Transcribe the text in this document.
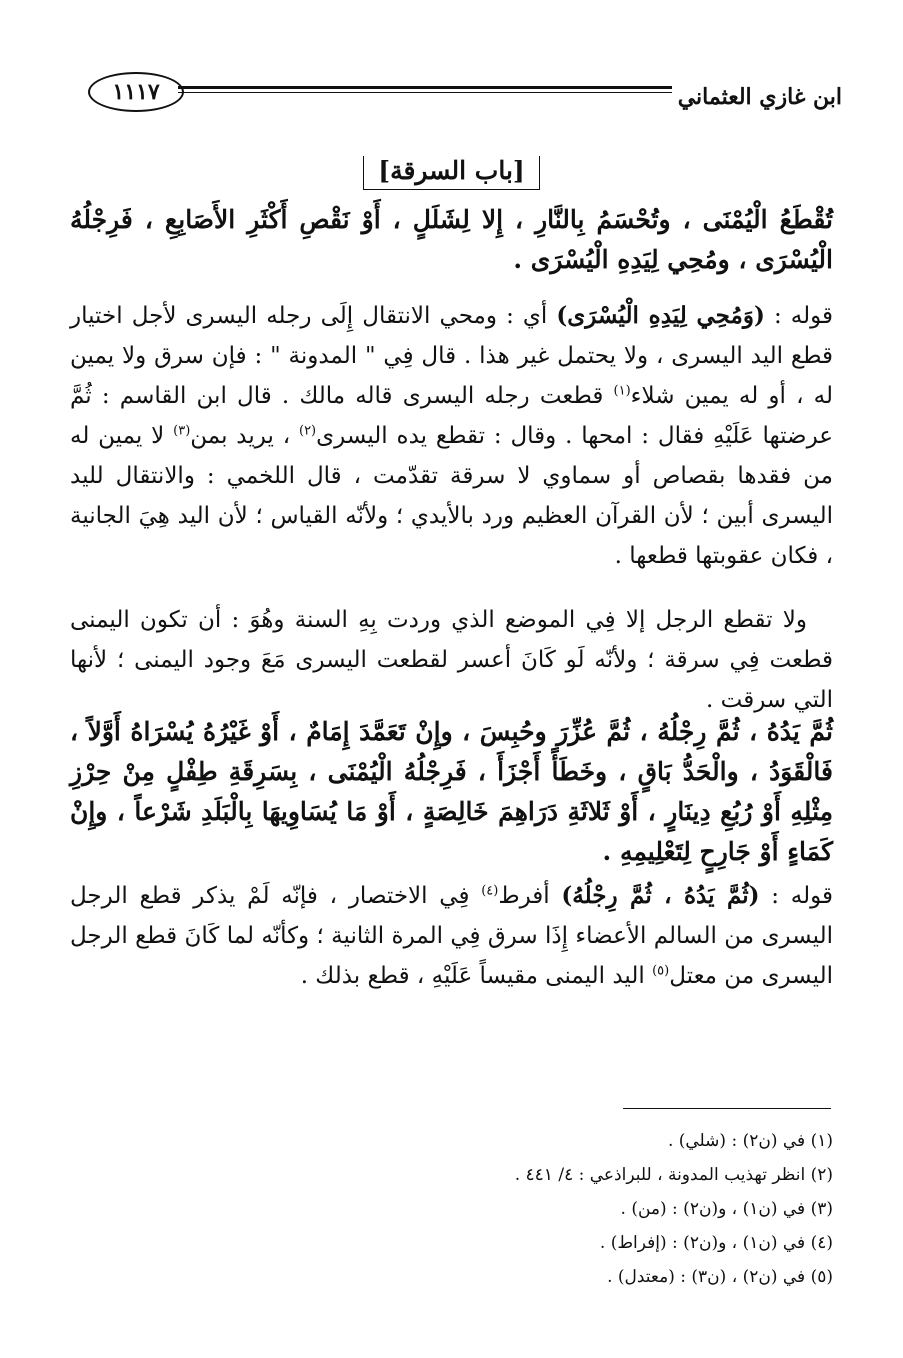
١١١٧	ابن غازي العثماني
[باب السرقة]
تُقْطَعُ الْيُمْنَى ، وتُحْسَمُ بِالنَّارِ ، إِلا لِشَلَلٍ ، أَوْ نَقْصِ أَكْثَرِ الأَصَابِعِ ، فَرِجْلُهُ الْيُسْرَى ، ومُحِي لِيَدِهِ الْيُسْرَى .
قوله : (وَمُحِي لِيَدِهِ الْيُسْرَى) أي : ومحي الانتقال إِلَى رجله اليسرى لأجل اختيار قطع اليد اليسرى ، ولا يحتمل غير هذا . قال فِي " المدونة " : فإن سرق ولا يمين له ، أو له يمين شلاء$^{(١)}$ قطعت رجله اليسرى قاله مالك . قال ابن القاسم : ثُمَّ عرضتها عَلَيْهِ فقال : امحها . وقال : تقطع يده اليسرى$^{(٢)}$ ، يريد بمن$^{(٣)}$ لا يمين له من فقدها بقصاص أو سماوي لا سرقة تقدّمت ، قال اللخمي : والانتقال لليد اليسرى أبين ؛ لأن القرآن العظيم ورد بالأيدي ؛ ولأنّه القياس ؛ لأن اليد هِيَ الجانية ، فكان عقوبتها قطعها .
ولا تقطع الرجل إلا فِي الموضع الذي وردت بِهِ السنة وهُوَ : أن تكون اليمنى قطعت فِي سرقة ؛ ولأنّه لَو كَانَ أعسر لقطعت اليسرى مَعَ وجود اليمنى ؛ لأنها التي سرقت .
ثُمَّ يَدُهُ ، ثُمَّ رِجْلُهُ ، ثُمَّ عُزِّرَ وحُبِسَ ، وإِنْ تَعَمَّدَ إِمَامٌ ، أَوْ غَيْرُهُ يُسْرَاهُ أَوَّلاً ، فَالْقَوَدُ ، والْحَدُّ بَاقٍ ، وخَطَأً أَجْزَأَ ، فَرِجْلُهُ الْيُمْنَى ، بِسَرِقَةِ طِفْلٍ مِنْ حِرْزِ مِثْلِهِ أَوْ رُبُعِ دِينَارٍ ، أَوْ ثَلاثَةِ دَرَاهِمَ خَالِصَةٍ ، أَوْ مَا يُسَاوِيهَا بِالْبَلَدِ شَرْعاً ، وإِنْ كَمَاءٍ أَوْ جَارِحٍ لِتَعْلِيمِهِ .
قوله : (ثُمَّ يَدُهُ ، ثُمَّ رِجْلُهُ) أفرط$^{(٤)}$ فِي الاختصار ، فإنّه لَمْ يذكر قطع الرجل اليسرى من السالم الأعضاء إِذَا سرق فِي المرة الثانية ؛ وكأنّه لما كَانَ قطع الرجل اليسرى من معتل$^{(٥)}$ اليد اليمنى مقيساً عَلَيْهِ ، قطع بذلك .
(١) في (ن٢) : (شلي) .
(٢) انظر تهذيب المدونة ، للبراذعي : ٤/ ٤٤١ .
(٣) في (ن١) ، و(ن٢) : (من) .
(٤) في (ن١) ، و(ن٢) : (إفراط) .
(٥) في (ن٢) ، (ن٣) : (معتدل) .
